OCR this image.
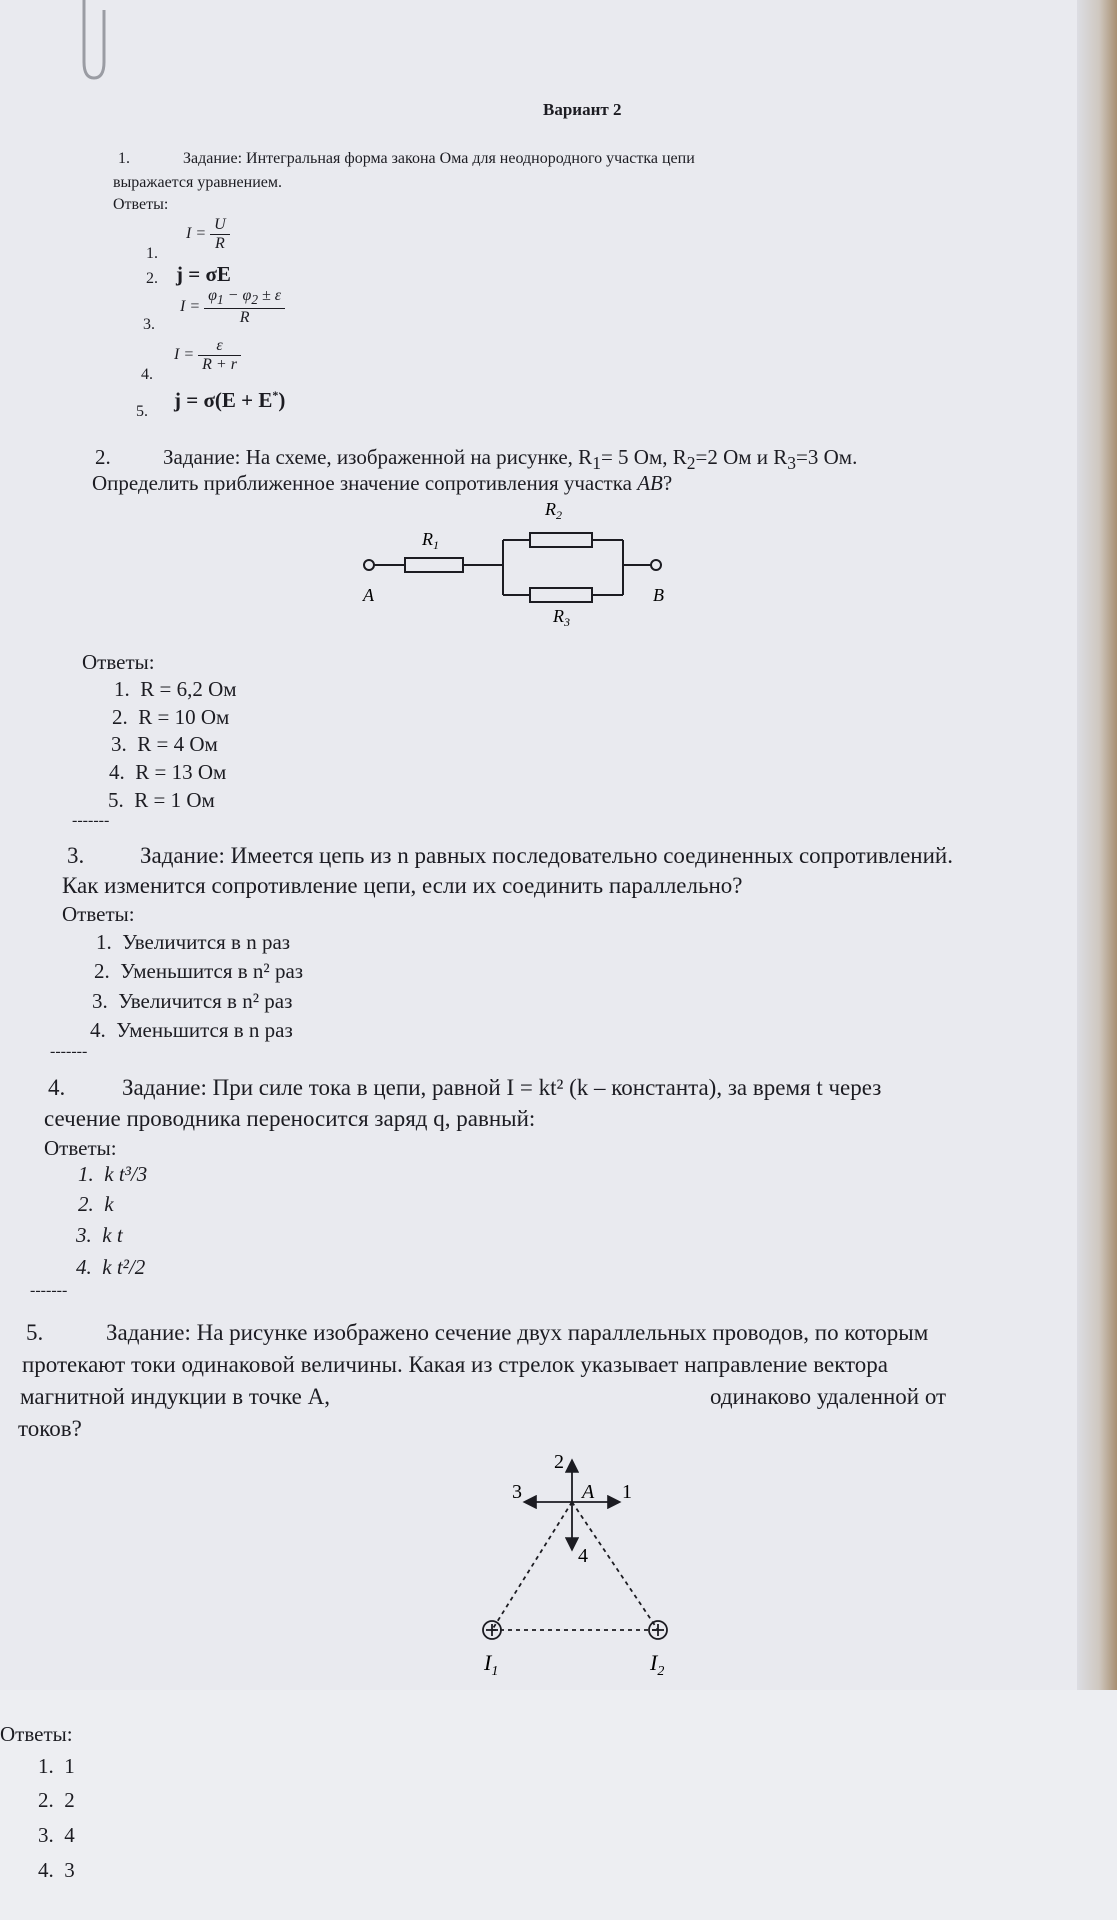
Вариант 2
1.	Задание: Интегральная форма закона Ома для неоднородного участка цепи
выражается уравнением.
Ответы:
1.
$I = \frac{U}{R}$
2. j = σE
3.
$I = \frac{\varphi_1 - \varphi_2 \pm \varepsilon}{R}$
4.
$I = \frac{\varepsilon}{R + r}$
5. j = σ(E + E*)
2. Задание: На схеме, изображенной на рисунке, $R_1= 5$ Ом, $R_2=2$ Ом и $R_3=3$ Ом.
Определить приближенное значение сопротивления участка AB?
$R_1$
$R_2$
$R_3$
A	B
Ответы:
1. R = 6,2 Ом
2. R = 10 Ом
3. R = 4 Ом
4. R = 13 Ом
5. R = 1 Ом
-------
3. Задание: Имеется цепь из n равных последовательно соединенных сопротивлений.
Как изменится сопротивление цепи, если их соединить параллельно?
Ответы:
1. Увеличится в n раз
2. Уменьшится в n² раз
3. Увеличится в n² раз
4. Уменьшится в n раз
-------
4. Задание: При силе тока в цепи, равной I = kt² (k – константа), за время t через
сечение проводника переносится заряд q, равный:
Ответы:
1. k t³/3
2. k
3. k t
4. k t²/2
-------
5.	Задание: На рисунке изображено сечение двух параллельных проводов, по которым
протекают токи одинаковой величины. Какая из стрелок указывает направление вектора
магнитной индукции в точке A,	одинаково удаленной от
токов?
2
1
3
4
A
$I_1$	$I_2$
Ответы:
1. 1
2. 2
3. 4
4. 3
